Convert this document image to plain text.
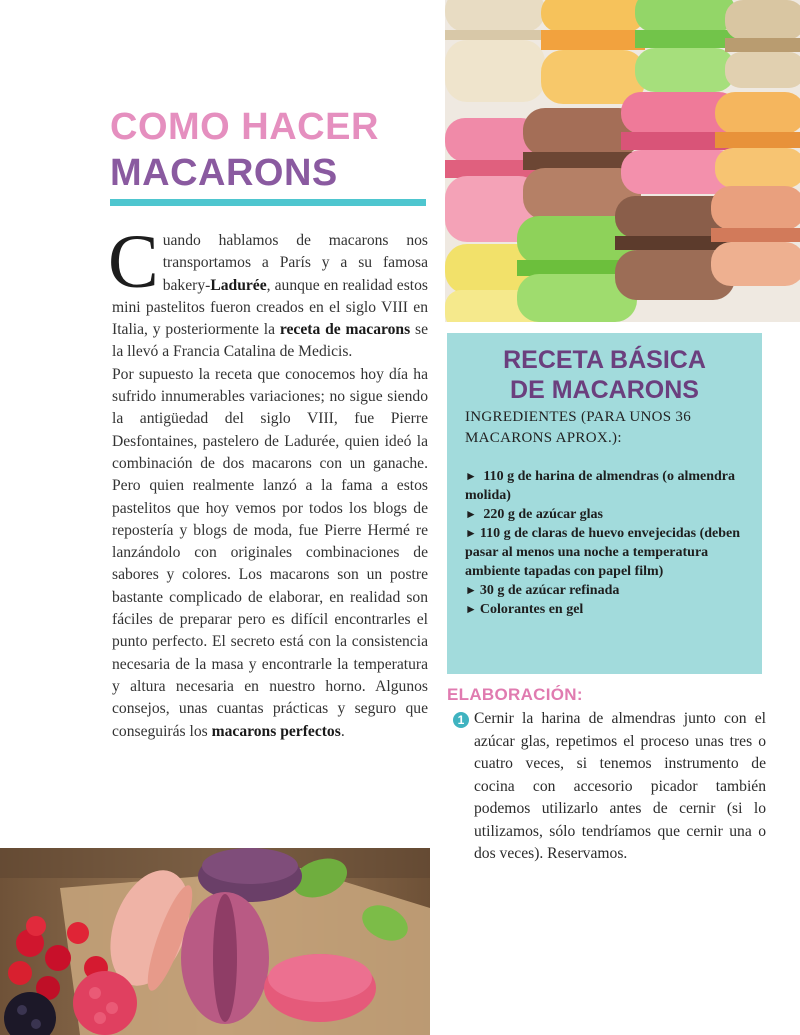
COMO HACER
MACARONS

Cuando hablamos de macarons nos transportamos a París y a su famosa bakery-Ladurée, aunque en realidad estos mini pastelitos fueron creados en el siglo VIII en Italia, y posteriormente la receta de macarons se la llevó a Francia Catalina de Medicis.

Por supuesto la receta que conocemos hoy día ha sufrido innumerables variaciones; no sigue siendo la antigüedad del siglo VIII, fue Pierre Desfontaines, pastelero de Ladurée, quien ideó la combinación de dos macarons con un ganache. Pero quien realmente lanzó a la fama a estos pastelitos que hoy vemos por todos los blogs de repostería y blogs de moda, fue Pierre Hermé re lanzándolo con originales combinaciones de sabores y colores. Los macarons son un postre bastante complicado de elaborar, en realidad son fáciles de preparar pero es difícil encontrarles el punto perfecto. El secreto está con la consistencia necesaria de la masa y encontrarle la temperatura y altura necesaria en nuestro horno. Algunos consejos, unas cuantas prácticas y seguro que conseguirás los macarons perfectos.

RECETA BÁSICA
DE MACARONS
INGREDIENTES (PARA UNOS 36 MACARONS APROX.):
► 110 g de harina de almendras (o almendra molida)
► 220 g de azúcar glas
► 110 g de claras de huevo envejecidas (deben pasar al menos una noche a temperatura ambiente tapadas con papel film)
► 30 g de azúcar refinada
► Colorantes en gel
ELABORACIÓN:
1 Cernir la harina de almendras junto con el azúcar glas, repetimos el proceso unas tres o cuatro veces, si tenemos instrumento de cocina con accesorio picador también podemos utilizarlo antes de cernir (si lo utilizamos, sólo tendríamos que cernir una o dos veces). Reservamos.
